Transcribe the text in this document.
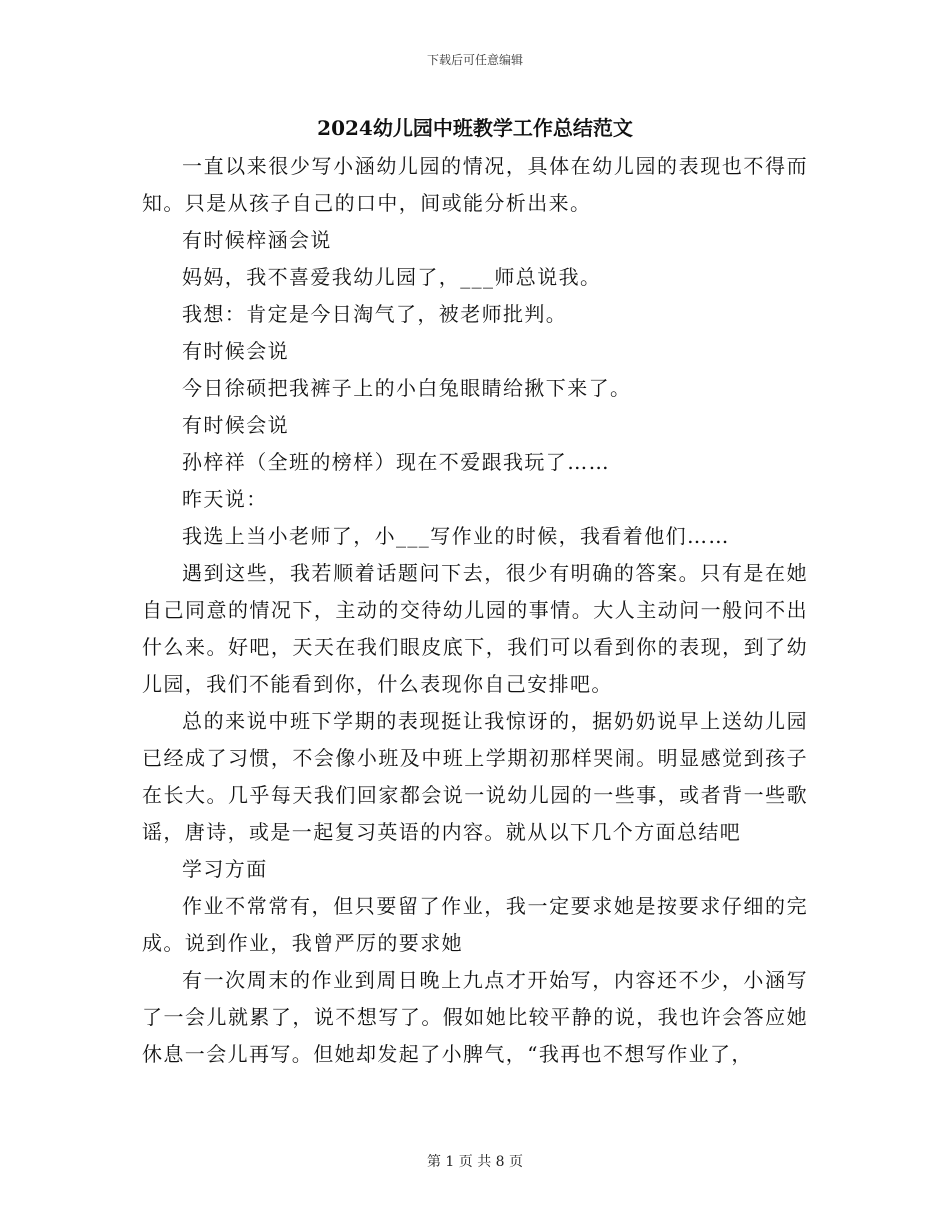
下载后可任意编辑
2024幼儿园中班教学工作总结范文

一直以来很少写小涵幼儿园的情况，具体在幼儿园的表现也不得而知。只是从孩子自己的口中，间或能分析出来。

有时候梓涵会说

妈妈，我不喜爱我幼儿园了，___师总说我。

我想：肯定是今日淘气了，被老师批判。

有时候会说

今日徐硕把我裤子上的小白兔眼睛给揪下来了。

有时候会说

孙梓祥（全班的榜样）现在不爱跟我玩了……

昨天说：

我选上当小老师了，小___写作业的时候，我看着他们……

遇到这些，我若顺着话题问下去，很少有明确的答案。只有是在她自己同意的情况下，主动的交待幼儿园的事情。大人主动问一般问不出什么来。好吧，天天在我们眼皮底下，我们可以看到你的表现，到了幼儿园，我们不能看到你，什么表现你自己安排吧。

总的来说中班下学期的表现挺让我惊讶的，据奶奶说早上送幼儿园已经成了习惯，不会像小班及中班上学期初那样哭闹。明显感觉到孩子在长大。几乎每天我们回家都会说一说幼儿园的一些事，或者背一些歌谣，唐诗，或是一起复习英语的内容。就从以下几个方面总结吧

学习方面

作业不常常有，但只要留了作业，我一定要求她是按要求仔细的完成。说到作业，我曾严厉的要求她

有一次周末的作业到周日晚上九点才开始写，内容还不少，小涵写了一会儿就累了，说不想写了。假如她比较平静的说，我也许会答应她休息一会儿再写。但她却发起了小脾气，“我再也不想写作业了，

第 1 页 共 8 页
